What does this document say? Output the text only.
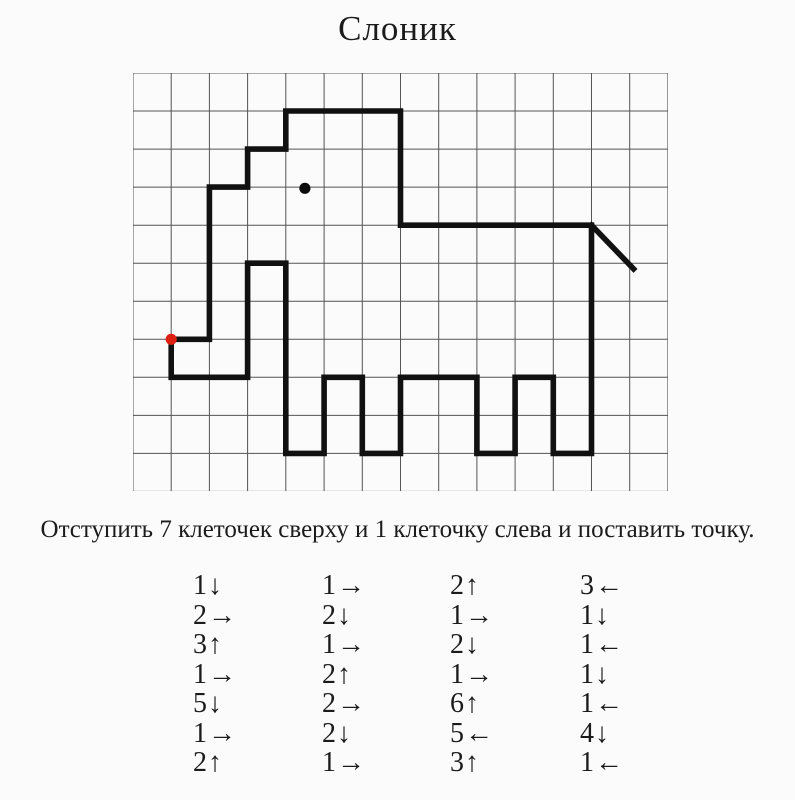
Слоник
Отступить 7 клеточек сверху и 1 клеточку слева и поставить точку.
1↓
2→
3↑
1→
5↓
1→
2↑
1→
2↓
1→
2↑
2→
2↓
1→
2↑
1→
2↓
1→
6↑
5←
3↑
3←
1↓
1←
1↓
1←
4↓
1←
